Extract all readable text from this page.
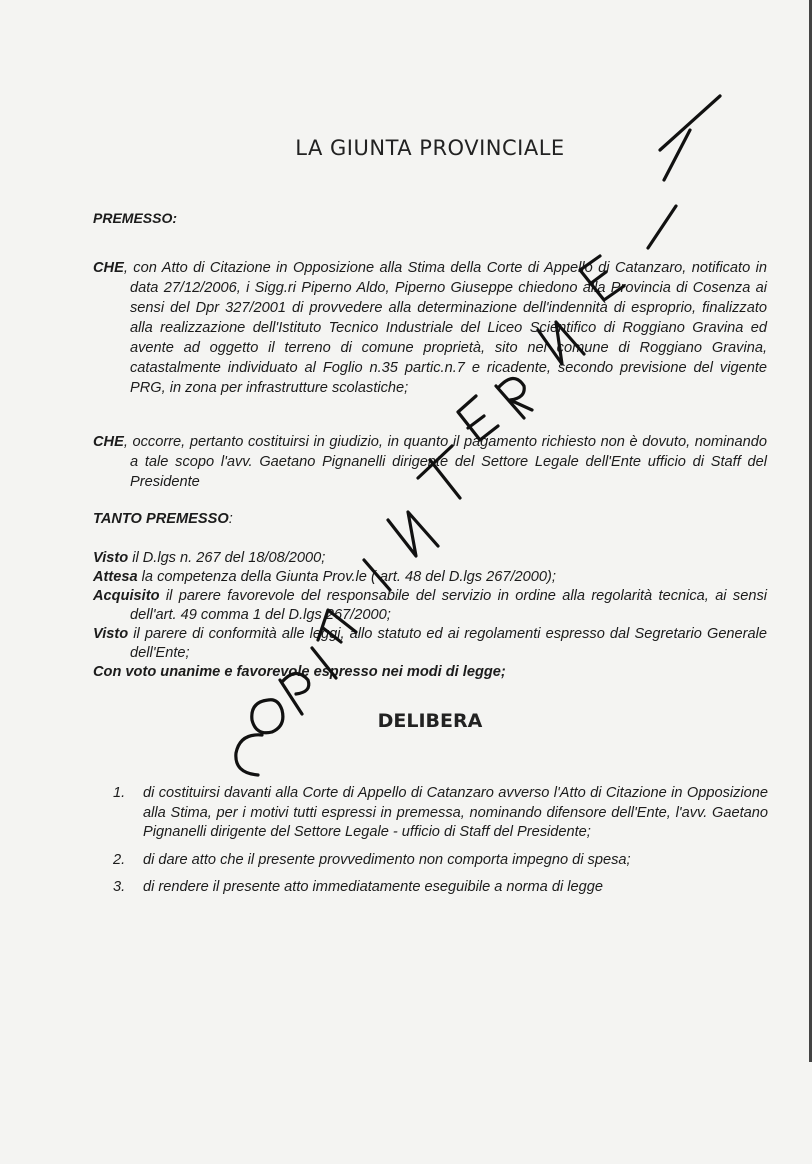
LA GIUNTA PROVINCIALE
PREMESSO:
CHE, con Atto di Citazione in Opposizione alla Stima della Corte di Appello di Catanzaro, notificato in data 27/12/2006, i Sigg.ri Piperno Aldo, Piperno Giuseppe chiedono alla Provincia di Cosenza ai sensi del Dpr 327/2001 di provvedere alla determinazione dell'indennità di esproprio, finalizzato alla realizzazione dell'Istituto Tecnico Industriale del Liceo Scientifico di Roggiano Gravina ed avente ad oggetto il terreno di comune proprietà, sito nel comune di Roggiano Gravina, catastalmente individuato al Foglio n.35 partic.n.7 e ricadente, secondo previsione del vigente PRG, in zona per infrastrutture scolastiche;
CHE, occorre, pertanto costituirsi in giudizio, in quanto il pagamento richiesto non è dovuto, nominando a tale scopo l'avv. Gaetano Pignanelli dirigente del Settore Legale dell'Ente ufficio di Staff del Presidente
TANTO PREMESSO:
Visto il D.lgs n. 267 del 18/08/2000;
Attesa la competenza della Giunta Prov.le ( art. 48 del D.lgs 267/2000);
Acquisito il parere favorevole del responsabile del servizio in ordine alla regolarità tecnica, ai sensi dell'art. 49 comma 1 del D.lgs 267/2000;
Visto il parere di conformità alle leggi, allo statuto ed ai regolamenti espresso dal Segretario Generale dell'Ente;
Con voto unanime e favorevole espresso nei modi di legge;
DELIBERA
1.	di costituirsi davanti alla Corte di Appello di Catanzaro avverso l'Atto di Citazione in Opposizione alla Stima, per i motivi tutti espressi in premessa, nominando difensore dell'Ente, l'avv. Gaetano Pignanelli dirigente del Settore Legale - ufficio di Staff del Presidente;
2.	di dare atto che il presente provvedimento non comporta impegno di spesa;
3.	di rendere il presente atto immediatamente eseguibile a norma di legge
